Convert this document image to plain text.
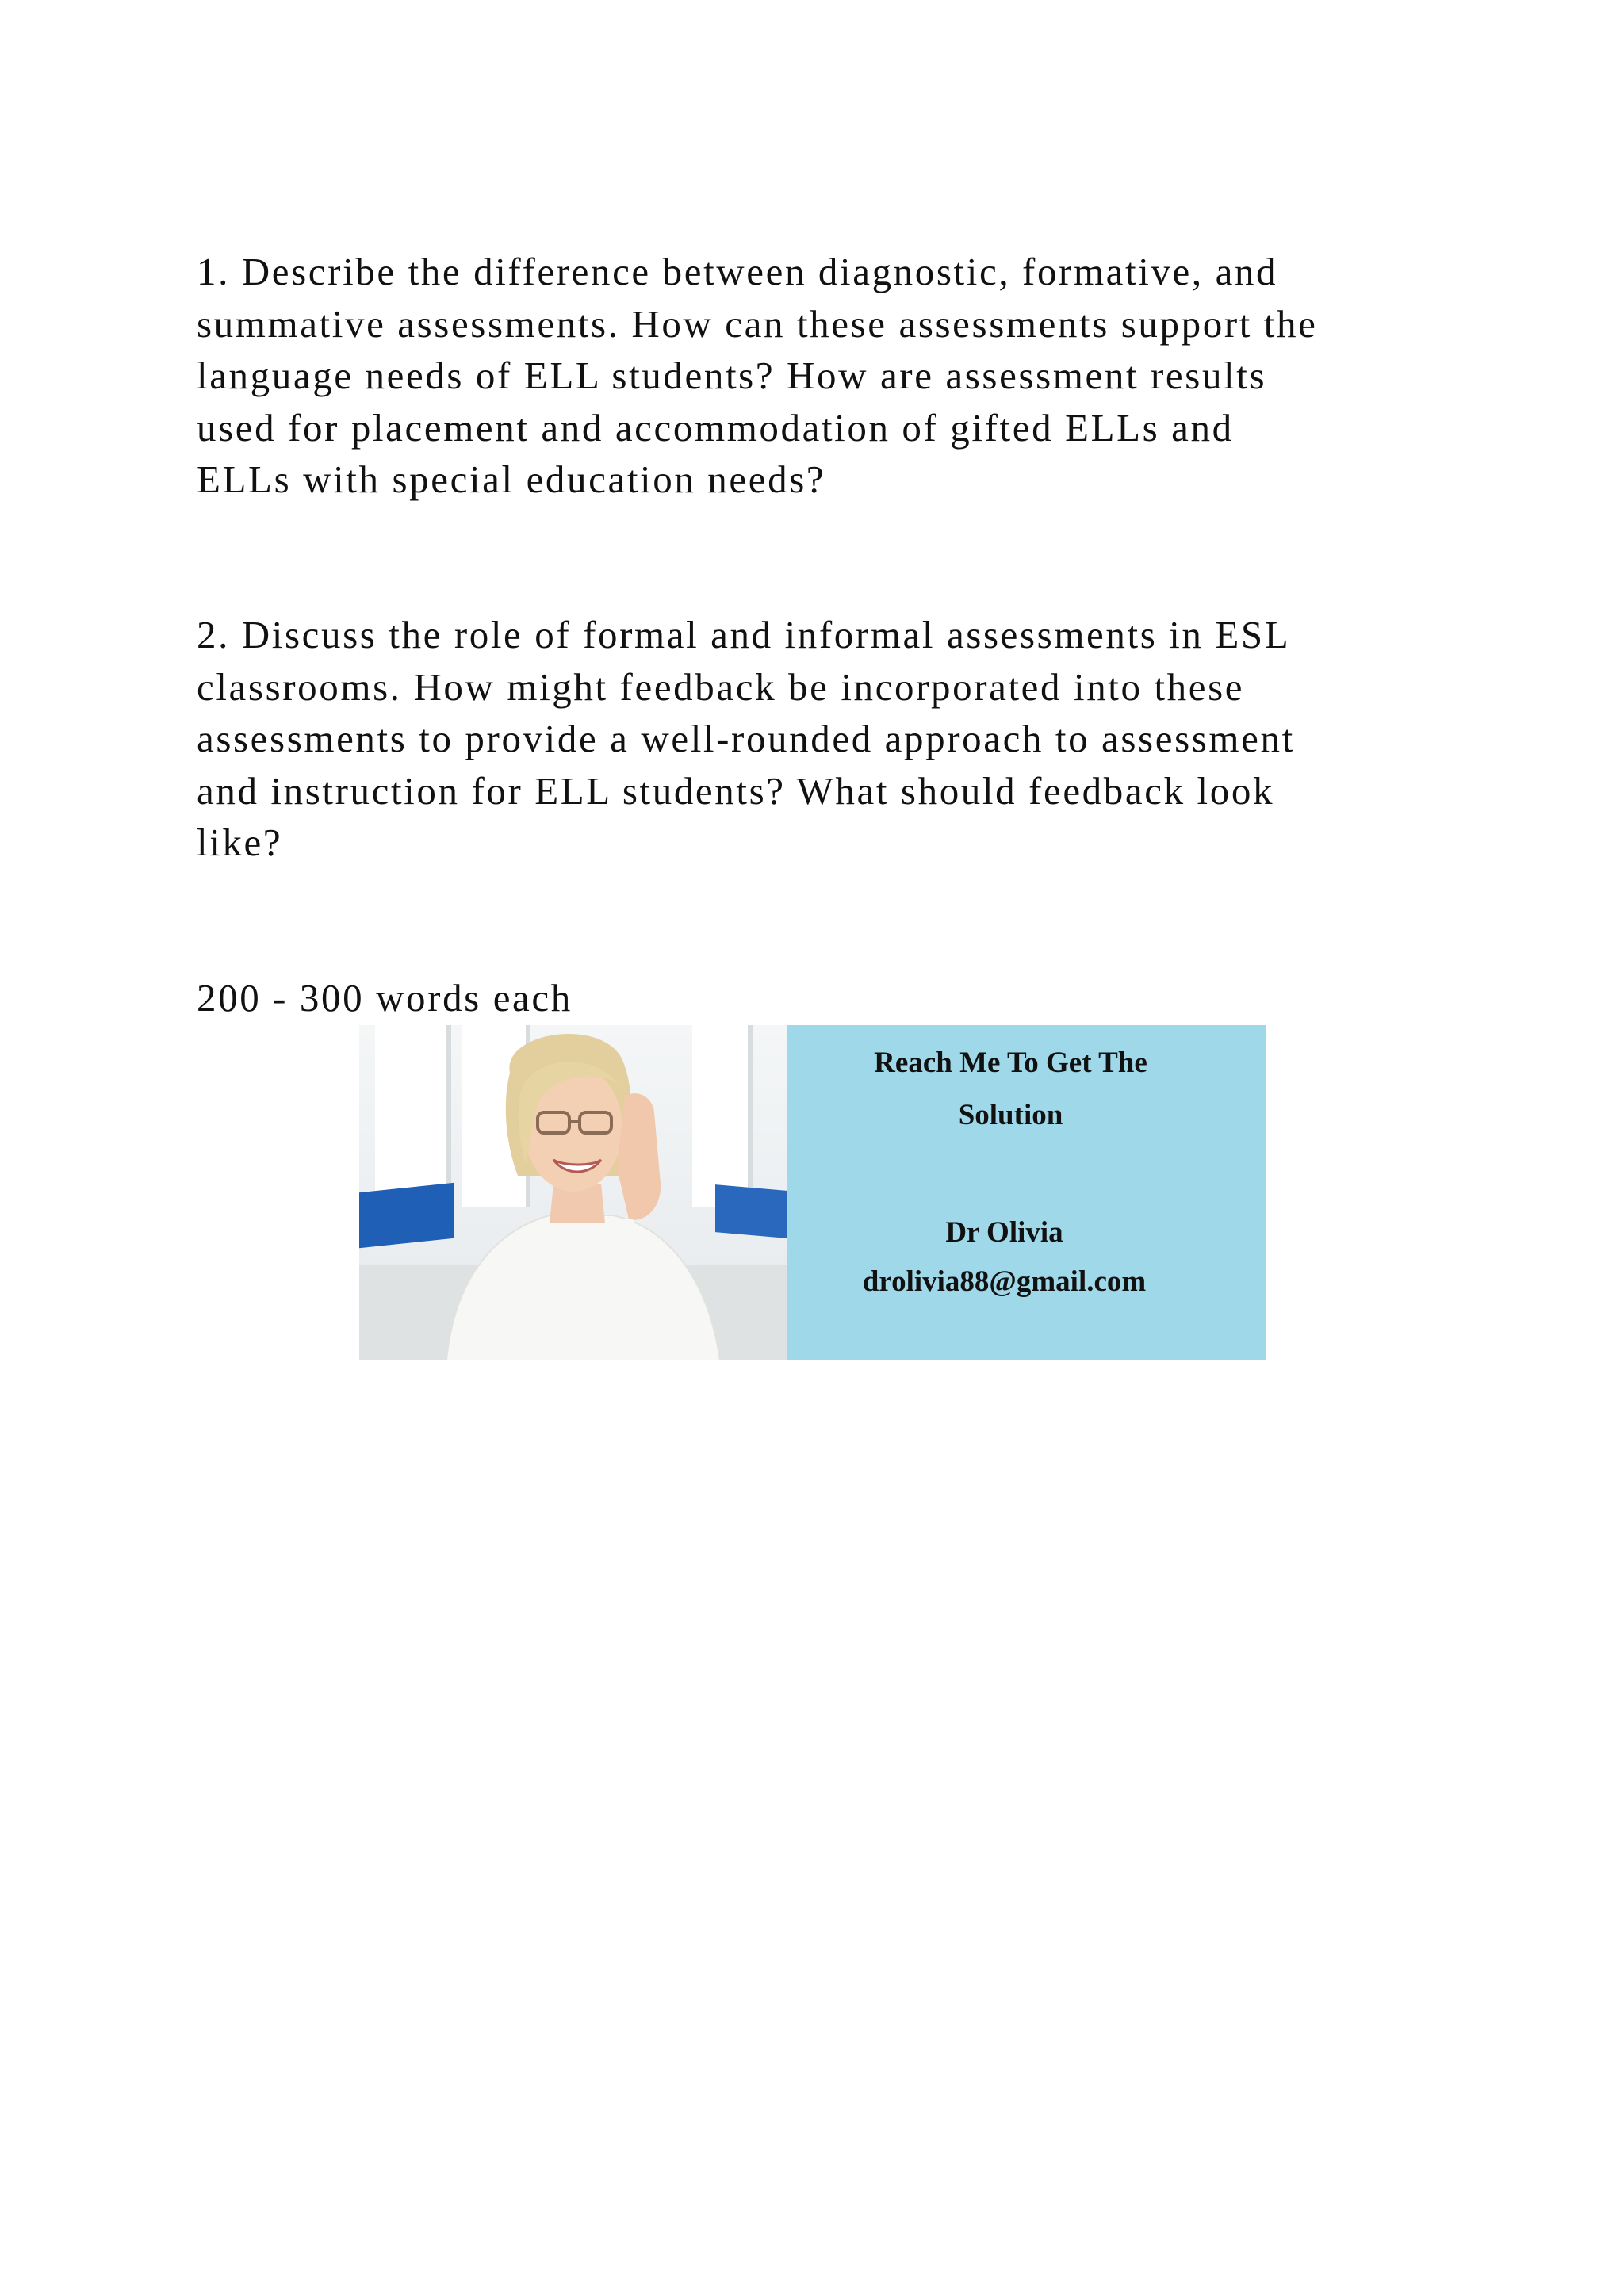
1. Describe the difference between diagnostic, formative, and
summative assessments. How can these assessments support the
language needs of ELL students? How are assessment results
used for placement and accommodation of gifted ELLs and
ELLs with special education needs?
2. Discuss the role of formal and informal assessments in ESL
classrooms. How might feedback be incorporated into these
assessments to provide a well-rounded approach to assessment
and instruction for ELL students? What should feedback look
like?
200 - 300 words each
Reach Me To Get The
Solution
Dr Olivia
drolivia88@gmail.com
